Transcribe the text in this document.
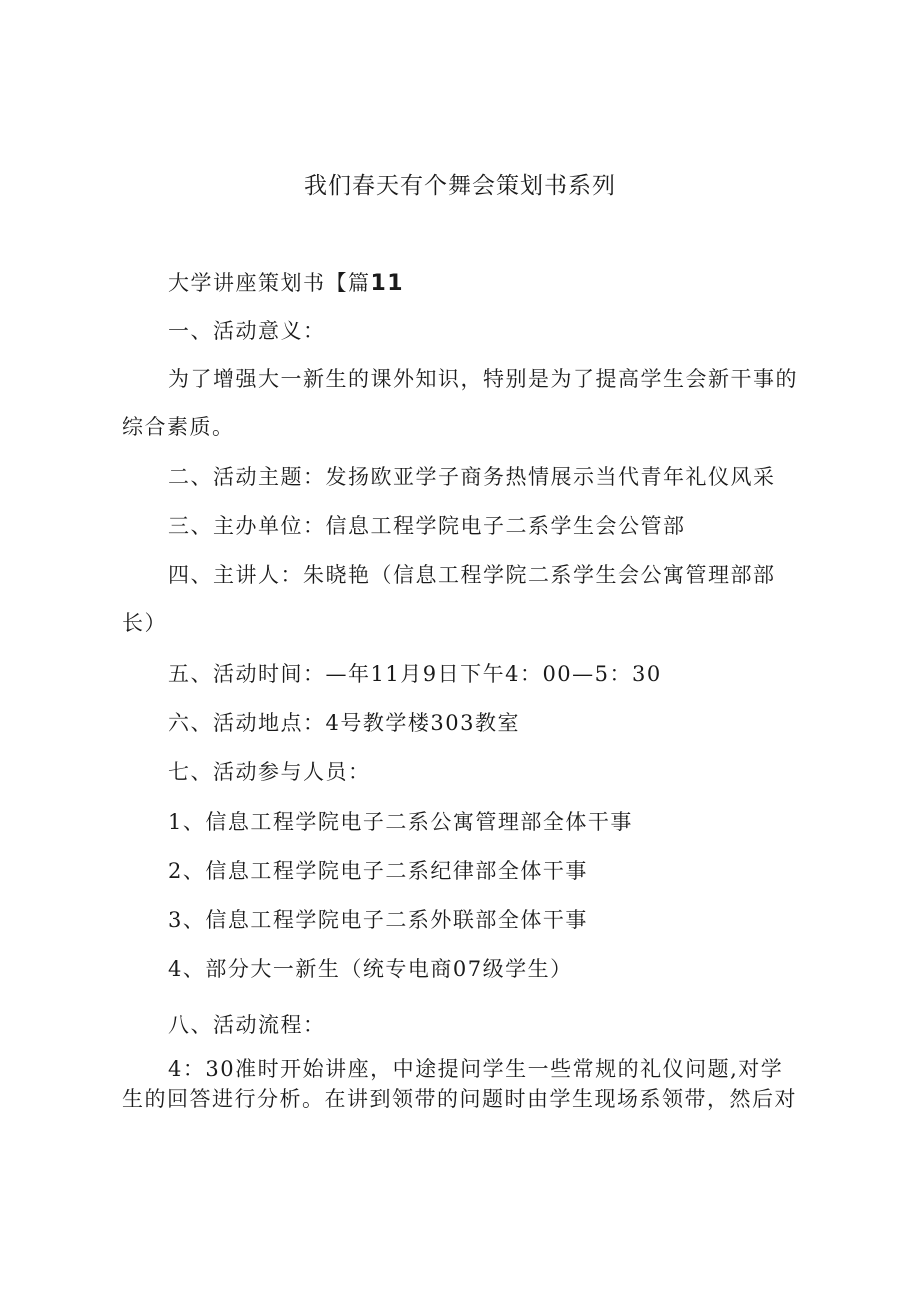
我们春天有个舞会策划书系列
大学讲座策划书【篇11
一、活动意义：
为了增强大一新生的课外知识，特别是为了提高学生会新干事的综合素质。
二、活动主题：发扬欧亚学子商务热情展示当代青年礼仪风采
三、主办单位：信息工程学院电子二系学生会公管部
四、主讲人：朱晓艳（信息工程学院二系学生会公寓管理部部长）
五、活动时间：—年11月9日下午4：00—5：30
六、活动地点：4号教学楼303教室
七、活动参与人员：
1、信息工程学院电子二系公寓管理部全体干事
2、信息工程学院电子二系纪律部全体干事
3、信息工程学院电子二系外联部全体干事
4、部分大一新生（统专电商07级学生）
八、活动流程：
4：30准时开始讲座，中途提问学生一些常规的礼仪问题,对学生的回答进行分析。在讲到领带的问题时由学生现场系领带，然后对
